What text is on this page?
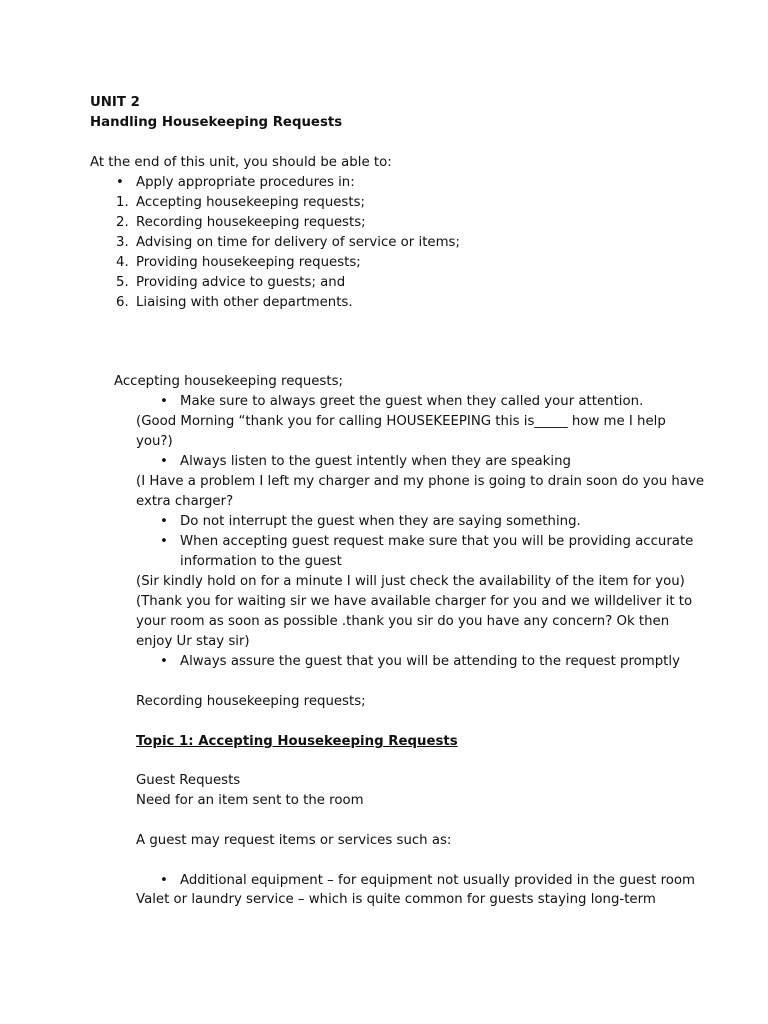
UNIT 2
Handling Housekeeping Requests
At the end of this unit, you should be able to:
• Apply appropriate procedures in:
1. Accepting housekeeping requests;
2. Recording housekeeping requests;
3. Advising on time for delivery of service or items;
4. Providing housekeeping requests;
5. Providing advice to guests; and
6. Liaising with other departments.
Accepting housekeeping requests;
• Make sure to always greet the guest when they called your attention.
(Good Morning “thank you for calling HOUSEKEEPING this is_____ how me I help
you?)
• Always listen to the guest intently when they are speaking
(I Have a problem I left my charger and my phone is going to drain soon do you have
extra charger?
• Do not interrupt the guest when they are saying something.
• When accepting guest request make sure that you will be providing accurate
information to the guest
(Sir kindly hold on for a minute I will just check the availability of the item for you)
(Thank you for waiting sir we have available charger for you and we willdeliver it to
your room as soon as possible .thank you sir do you have any concern? Ok then
enjoy Ur stay sir)
• Always assure the guest that you will be attending to the request promptly
Recording housekeeping requests;
Topic 1: Accepting Housekeeping Requests
Guest Requests
Need for an item sent to the room
A guest may request items or services such as:
• Additional equipment – for equipment not usually provided in the guest room
Valet or laundry service – which is quite common for guests staying long-term
